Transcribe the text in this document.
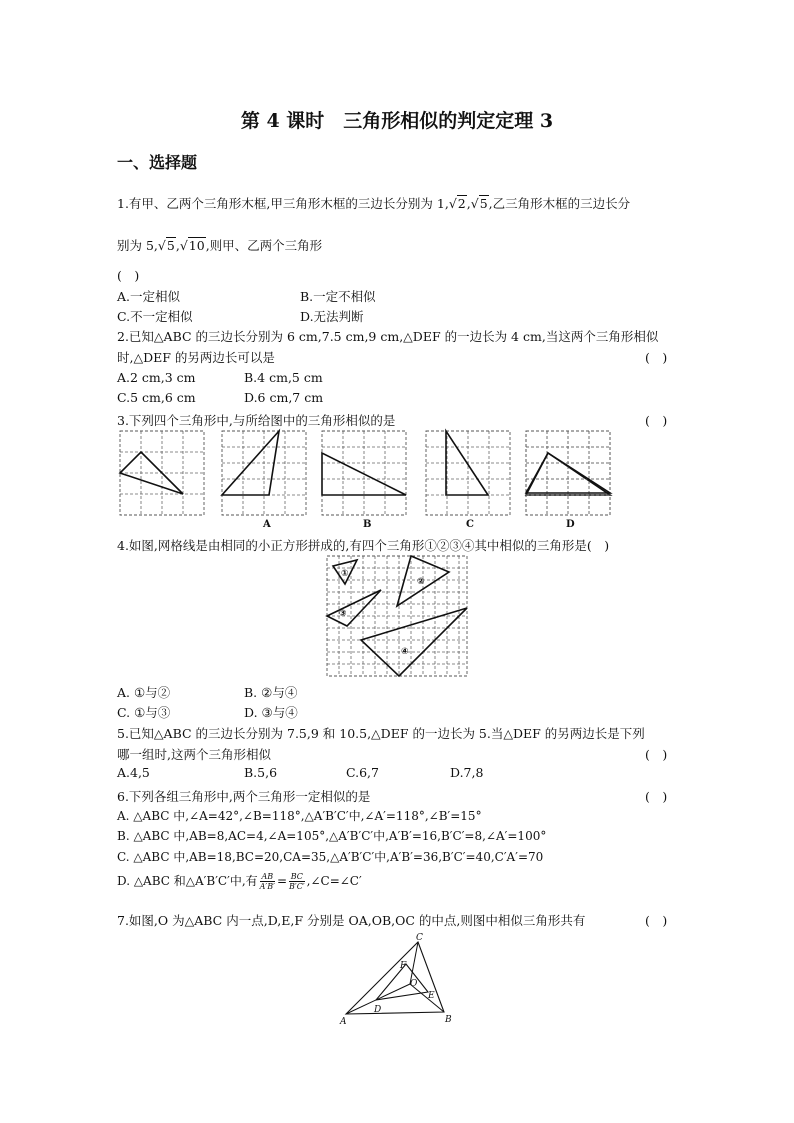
第 4 课时　三角形相似的判定定理 3
一、选择题
1.有甲、乙两个三角形木框,甲三角形木框的三边长分别为 1,√2,√5,乙三角形木框的三边长分
别为 5,√5,√10,则甲、乙两个三角形
(　)
A.一定相似	B.一定不相似
C.不一定相似	D.无法判断
2.已知△ABC 的三边长分别为 6 cm,7.5 cm,9 cm,△DEF 的一边长为 4 cm,当这两个三角形相似
时,△DEF 的另两边长可以是	(　)
A.2 cm,3 cm	B.4 cm,5 cm
C.5 cm,6 cm	D.6 cm,7 cm
3.下列四个三角形中,与所给图中的三角形相似的是	(　)
A	B	C	D
4.如图,网格线是由相同的小正方形拼成的,有四个三角形①②③④其中相似的三角形是(　)
①
②
③
④
A. ①与②	B. ②与④
C. ①与③	D. ③与④
5.已知△ABC 的三边长分别为 7.5,9 和 10.5,△DEF 的一边长为 5.当△DEF 的另两边长是下列
哪一组时,这两个三角形相似	(　)
A.4,5	B.5,6	C.6,7	D.7,8
6.下列各组三角形中,两个三角形一定相似的是	(　)
A. △ABC 中,∠A=42°,∠B=118°,△A′B′C′中,∠A′=118°,∠B′=15°
B. △ABC 中,AB=8,AC=4,∠A=105°,△A′B′C′中,A′B′=16,B′C′=8,∠A′=100°
C. △ABC 中,AB=18,BC=20,CA=35,△A′B′C′中,A′B′=36,B′C′=40,C′A′=70
D. △ABC 和△A′B′C′中,有 $\frac{AB}{A'B'} = \frac{BC}{B'C'}$ ,∠C=∠C′
7.如图,O 为△ABC 内一点,D,E,F 分别是 OA,OB,OC 的中点,则图中相似三角形共有	(　)
A	B
C
D
E
F
O
